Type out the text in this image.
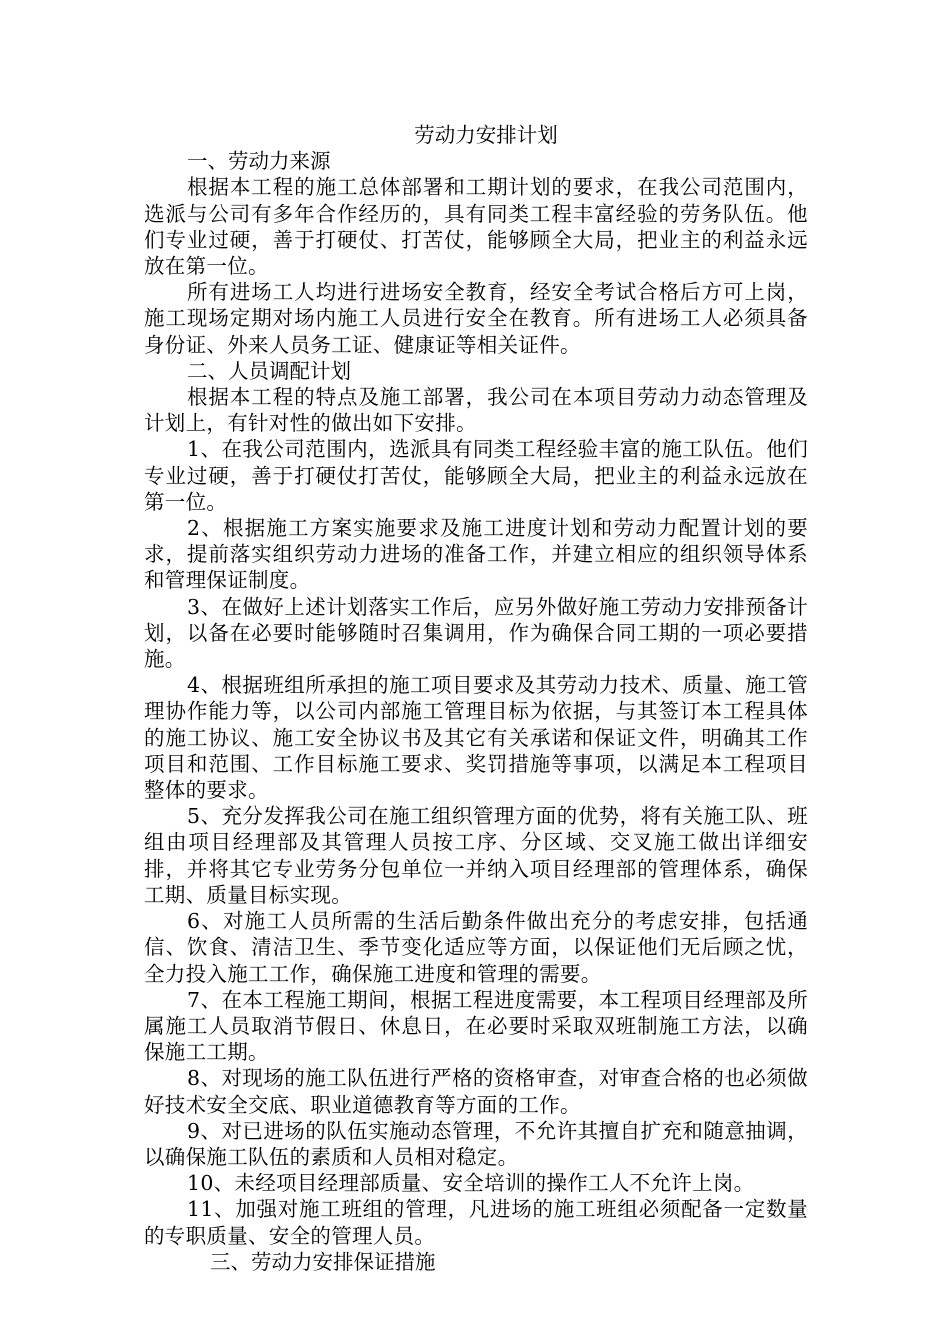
劳动力安排计划

一、劳动力来源

根据本工程的施工总体部署和工期计划的要求，在我公司范围内，选派与公司有多年合作经历的，具有同类工程丰富经验的劳务队伍。他们专业过硬，善于打硬仗、打苦仗，能够顾全大局，把业主的利益永远放在第一位。

所有进场工人均进行进场安全教育，经安全考试合格后方可上岗，施工现场定期对场内施工人员进行安全在教育。所有进场工人必须具备身份证、外来人员务工证、健康证等相关证件。

二、人员调配计划

根据本工程的特点及施工部署，我公司在本项目劳动力动态管理及计划上，有针对性的做出如下安排。

1、在我公司范围内，选派具有同类工程经验丰富的施工队伍。他们专业过硬，善于打硬仗打苦仗，能够顾全大局，把业主的利益永远放在第一位。

2、根据施工方案实施要求及施工进度计划和劳动力配置计划的要求，提前落实组织劳动力进场的准备工作，并建立相应的组织领导体系和管理保证制度。

3、在做好上述计划落实工作后，应另外做好施工劳动力安排预备计划，以备在必要时能够随时召集调用，作为确保合同工期的一项必要措施。

4、根据班组所承担的施工项目要求及其劳动力技术、质量、施工管理协作能力等，以公司内部施工管理目标为依据，与其签订本工程具体的施工协议、施工安全协议书及其它有关承诺和保证文件，明确其工作项目和范围、工作目标施工要求、奖罚措施等事项，以满足本工程项目整体的要求。

5、充分发挥我公司在施工组织管理方面的优势，将有关施工队、班组由项目经理部及其管理人员按工序、分区域、交叉施工做出详细安排，并将其它专业劳务分包单位一并纳入项目经理部的管理体系，确保工期、质量目标实现。

6、对施工人员所需的生活后勤条件做出充分的考虑安排，包括通信、饮食、清洁卫生、季节变化适应等方面，以保证他们无后顾之忧，全力投入施工工作，确保施工进度和管理的需要。

7、在本工程施工期间，根据工程进度需要，本工程项目经理部及所属施工人员取消节假日、休息日，在必要时采取双班制施工方法，以确保施工工期。

8、对现场的施工队伍进行严格的资格审查，对审查合格的也必须做好技术安全交底、职业道德教育等方面的工作。

9、对已进场的队伍实施动态管理，不允许其擅自扩充和随意抽调，以确保施工队伍的素质和人员相对稳定。

10、未经项目经理部质量、安全培训的操作工人不允许上岗。

11、加强对施工班组的管理，凡进场的施工班组必须配备一定数量的专职质量、安全的管理人员。

三、劳动力安排保证措施
